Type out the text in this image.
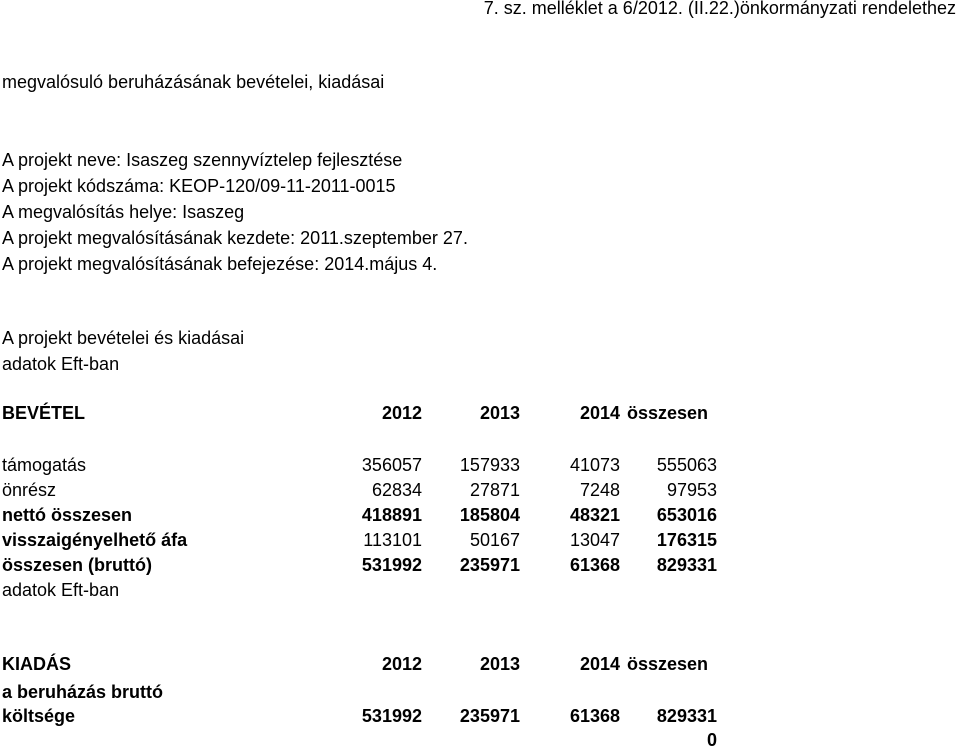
7. sz. melléklet a 6/2012. (II.22.)önkormányzati rendelethez
megvalósuló beruházásának bevételei, kiadásai
A projekt neve: Isaszeg szennyvíztelep fejlesztése
A projekt kódszáma: KEOP-120/09-11-2011-0015
A megvalósítás helye: Isaszeg
A projekt megvalósításának kezdete: 2011.szeptember 27.
A projekt megvalósításának befejezése: 2014.május 4.
A projekt bevételei és kiadásai
adatok Eft-ban
BEVÉTEL	2012	2013	2014 összesen
támogatás	356057	157933	41073	555063
önrész	62834	27871	7248	97953
nettó összesen	418891	185804	48321	653016
visszaigényelhető áfa	113101	50167	13047	176315
összesen (bruttó)	531992	235971	61368	829331
adatok Eft-ban
KIADÁS	2012	2013	2014 összesen
a beruházás bruttó
költsége	531992	235971	61368	829331
0
